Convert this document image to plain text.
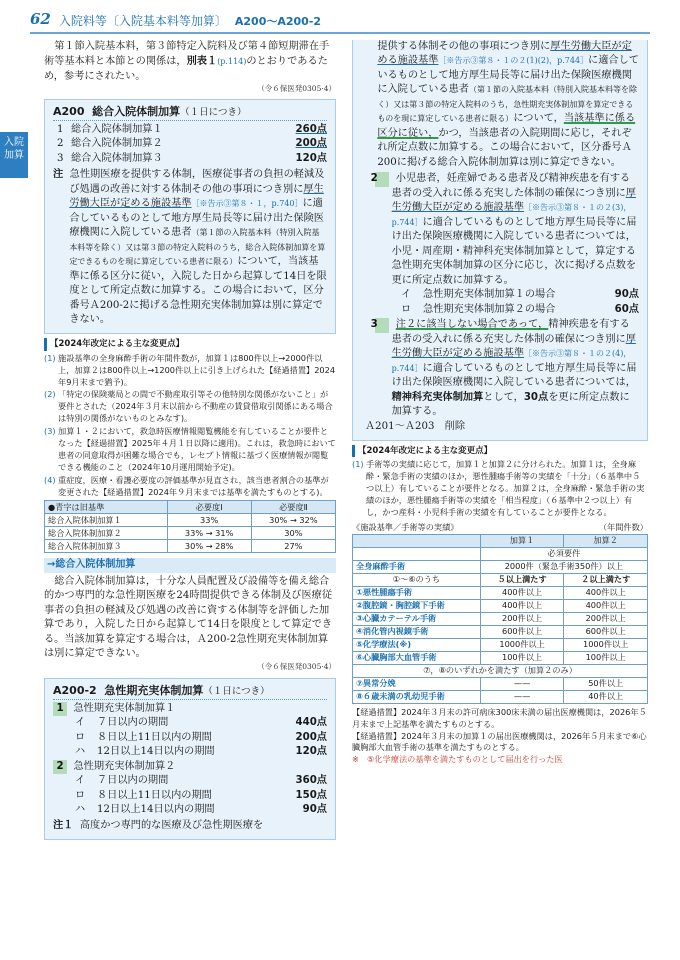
62 入院料等〔入院基本料等加算〕 A200〜A200-2
入院加算

第１節入院基本料，第３節特定入院料及び第４節短期滞在手術等基本料と本節との関係は，別表１(p.114)のとおりであるため，参考にされたい。

（令６保医発0305·4）
A200 総合入院体制加算（１日につき）
1 総合入院体制加算１	260点
2 総合入院体制加算２	200点
3 総合入院体制加算３	120点
注 急性期医療を提供する体制，医療従事者の負担の軽減及び処遇の改善に対する体制その他の事項につき別に厚生労働大臣が定める施設基準［※告示③第８・１，p.740］に適合しているものとして地方厚生局長等に届け出た保険医療機関に入院している患者（第１節の入院基本料（特別入院基本料等を除く）又は第３節の特定入院料のうち，総合入院体制加算を算定できるものを現に算定している患者に限る）について，当該基準に係る区分に従い，入院した日から起算して14日を限度として所定点数に加算する。この場合において，区分番号Ａ200-2に掲げる急性期充実体制加算は別に算定できない。
【2024年改定による主な変更点】
(1) 施設基準の全身麻酔手術の年間件数が，加算１は800件以上→2000件以上，加算２は800件以上→1200件以上に引き上げられた【経過措置】2024年9月末まで猶予)。
(2) 「特定の保険薬局との間で不動産取引等その他特別な関係がないこと」が要件とされた（2024年３月末以前から不動産の賃貸借取引関係にある場合は特別の関係がないものとみなす)。
(3) 加算１・２において，救急時医療情報閲覧機能を有していることが要件となった【経過措置】2025年４月１日以降に適用)。これは，救急時において患者の同意取得が困難な場合でも，レセプト情報に基づく医療情報が閲覧できる機能のこと（2024年10月運用開始予定)。
(4) 重症度，医療・看護必要度の評価基準が見直され，該当患者割合の基準が変更された【経過措置】2024年９月末までは基準を満たすものとする)。
●青字は旧基準	必要度Ⅰ	必要度Ⅱ
総合入院体制加算１	33%	30% → 32%
総合入院体制加算２	33% → 31%	30%
総合入院体制加算３	30% → 28%	27%
→総合入院体制加算

総合入院体制加算は，十分な人員配置及び設備等を備え総合的かつ専門的な急性期医療を24時間提供できる体制及び医療従事者の負担の軽減及び処遇の改善に資する体制等を評価した加算であり，入院した日から起算して14日を限度として算定できる。当該加算を算定する場合は，Ａ200-2急性期充実体制加算は別に算定できない。

（令６保医発0305·4）
A200-2 急性期充実体制加算（１日につき）
1 急性期充実体制加算１
イ	７日以内の期間	440点
ロ	８日以上11日以内の期間	200点
ハ	12日以上14日以内の期間	120点
2 急性期充実体制加算２
イ	７日以内の期間	360点
ロ	８日以上11日以内の期間	150点
ハ	12日以上14日以内の期間	90点
注１ 高度かつ専門的な医療及び急性期医療を

提供する体制その他の事項につき別に厚生労働大臣が定める施設基準［※告示③第８・１の２(1)(2)，p.744］に適合しているものとして地方厚生局長等に届け出た保険医療機関に入院している患者（第１節の入院基本料（特別入院基本料等を除く）又は第３節の特定入院料のうち，急性期充実体制加算を算定できるものを現に算定している患者に限る）について，当該基準に係る区分に従い，かつ，当該患者の入院期間に応じ，それぞれ所定点数に加算する。この場合において，区分番号Ａ200に掲げる総合入院体制加算は別に算定できない。

2 小児患者，妊産婦である患者及び精神疾患を有する患者の受入れに係る充実した体制の確保につき別に厚生労働大臣が定める施設基準［※告示③第８・１の２(3)，p.744］に適合しているものとして地方厚生局長等に届け出た保険医療機関に入院している患者については，小児・周産期・精神科充実体制加算として，算定する急性期充実体制加算の区分に応じ，次に掲げる点数を更に所定点数に加算する。

イ	急性期充実体制加算１の場合	90点
ロ	急性期充実体制加算２の場合	60点

3 注２に該当しない場合であって，精神疾患を有する患者の受入れに係る充実した体制の確保につき別に厚生労働大臣が定める施設基準［※告示③第８・１の２(4)，p.744］に適合しているものとして地方厚生局長等に届け出た保険医療機関に入院している患者については，精神科充実体制加算として，30点を更に所定点数に加算する。

Ａ201〜Ａ203　削除
【2024年改定による主な変更点】
(1) 手術等の実績に応じて，加算１と加算２に分けられた。加算１は，全身麻酔・緊急手術の実績のほか，悪性腫瘍手術等の実績を「十分」（６基準中５つ以上）有していることが要件となる。加算２は，全身麻酔・緊急手術の実績のほか，悪性腫瘍手術等の実績を「相当程度」（６基準中２つ以上）有し，かつ産科・小児科手術の実績を有していることが要件となる。
《施設基準／手術等の実績》	（年間件数）
	加算１	加算２
	必須要件	
全身麻酔手術	2000件（緊急手術350件）以上	
①〜⑥のうち	５以上満たす	２以上満たす
①悪性腫瘍手術	400件以上	400件以上
②腹腔鏡・胸腔鏡下手術	400件以上	400件以上
③心臓カテーテル手術	200件以上	200件以上
④消化管内視鏡手術	600件以上	600件以上
⑤化学療法(※)	1000件以上	1000件以上
⑥心臓胸部大血管手術	100件以上	100件以上
⑦，⑧のいずれかを満たす（加算２のみ）		
⑦異常分娩	——	50件以上
⑧６歳未満の乳幼児手術	——	40件以上
【経過措置】2024年３月末の許可病床300床未満の届出医療機関は，2026年５月末まで上記基準を満たすものとする。
【経過措置】2024年３月末の加算１の届出医療機関は，2026年５月末まで⑥心臓胸部大血管手術の基準を満たすものとする。
※　⑤化学療法の基準を満たすものとして届出を行った医
